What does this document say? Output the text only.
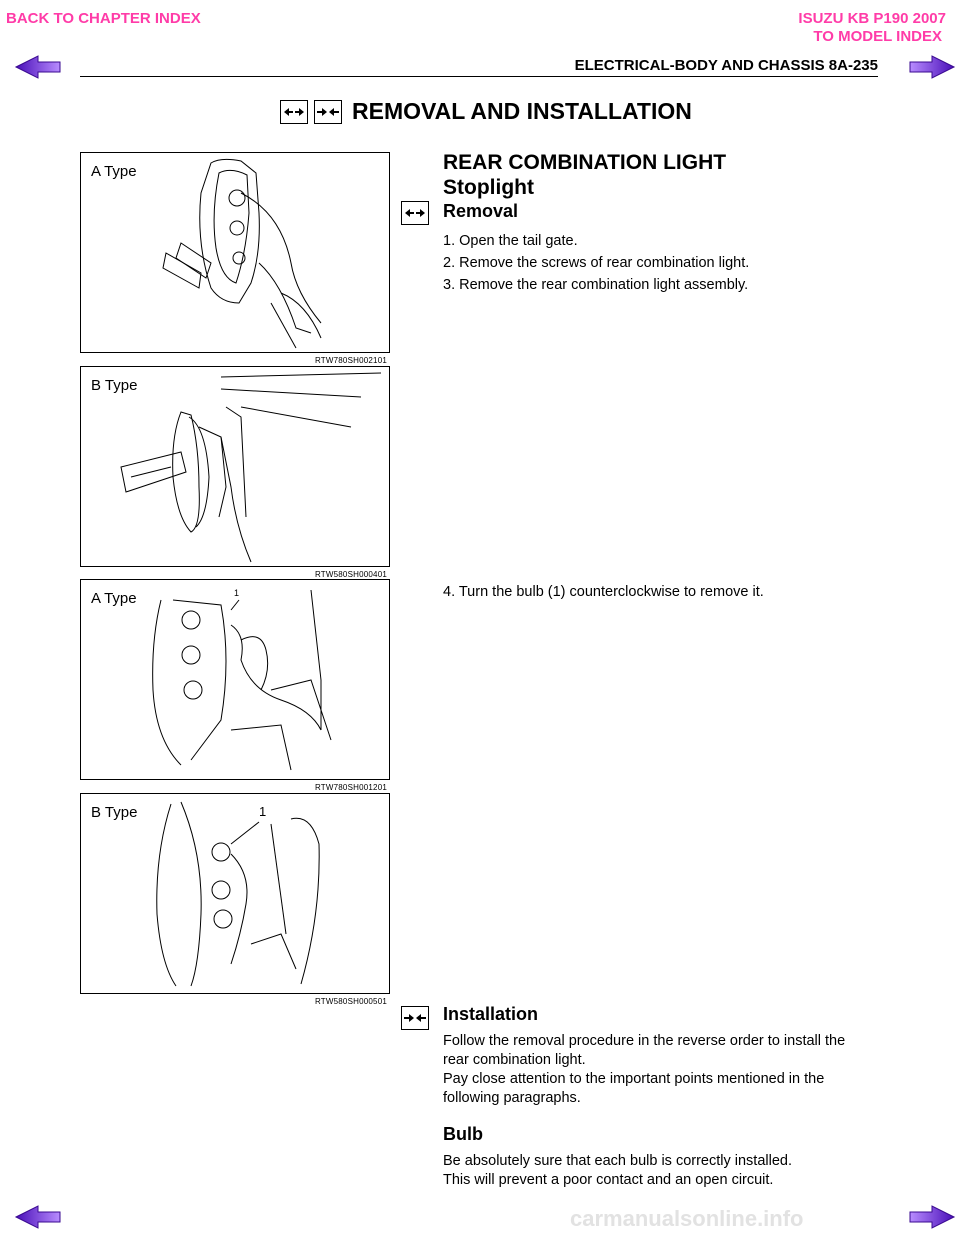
BACK TO CHAPTER INDEX	ISUZU KB P190 2007
TO MODEL INDEX
ELECTRICAL-BODY AND CHASSIS 8A-235
REMOVAL AND INSTALLATION
A Type
RTW780SH002101
B Type
RTW580SH000401
A Type	1
RTW780SH001201
B Type	1
RTW580SH000501
REAR COMBINATION LIGHT
Stoplight
Removal
1. Open the tail gate.
2. Remove the screws of rear combination light.
3. Remove the rear combination light assembly.
4. Turn the bulb (1) counterclockwise to remove it.
Installation
Follow the removal procedure in the reverse order to install the
rear combination light.
Pay close attention to the important points mentioned in the
following paragraphs.
Bulb
Be absolutely sure that each bulb is correctly installed.
This will prevent a poor contact and an open circuit.
carmanualsonline.info
